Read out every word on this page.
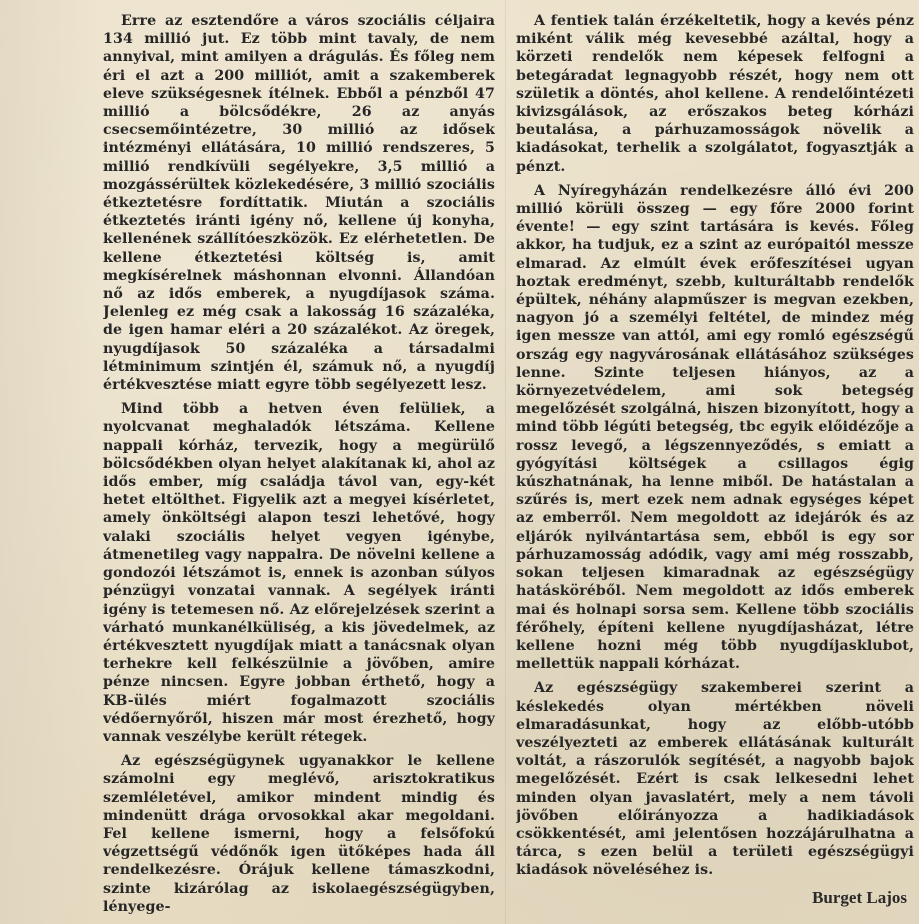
Erre az esztendőre a város szociális céljaira 134 millió jut. Ez több mint tavaly, de nem annyival, mint amilyen a drágulás. És főleg nem éri el azt a 200 milliót, amit a szakemberek eleve szükségesnek ítélnek. Ebből a pénzből 47 millió a bölcsődékre, 26 az anyás csecsemőintézetre, 30 millió az idősek intézményi ellátására, 10 millió rendszeres, 5 millió rendkívüli segélyekre, 3,5 millió a mozgássérültek közlekedésére, 3 millió szociális étkeztetésre fordíttatik. Miután a szociális étkeztetés iránti igény nő, kellene új konyha, kellenének szállítóeszközök. Ez elérhetetlen. De kellene étkeztetési költség is, amit megkísérelnek máshonnan elvonni. Állandóan nő az idős emberek, a nyugdíjasok száma. Jelenleg ez még csak a lakosság 16 százaléka, de igen hamar eléri a 20 százalékot. Az öregek, nyugdíjasok 50 százaléka a társadalmi létminimum szintjén él, számuk nő, a nyugdíj értékvesztése miatt egyre több segélyezett lesz.

Mind több a hetven éven felüliek, a nyolcvanat meghaladók létszáma. Kellene nappali kórház, tervezik, hogy a megürülő bölcsődékben olyan helyet alakítanak ki, ahol az idős ember, míg családja távol van, egy-két hetet eltölthet. Figyelik azt a megyei kísérletet, amely önköltségi alapon teszi lehetővé, hogy valaki szociális helyet vegyen igénybe, átmenetileg vagy nappalra. De növelni kellene a gondozói létszámot is, ennek is azonban súlyos pénzügyi vonzatai vannak. A segélyek iránti igény is tetemesen nő. Az előrejelzések szerint a várható munkanélküliség, a kis jövedelmek, az értékvesztett nyugdíjak miatt a tanácsnak olyan terhekre kell felkészülnie a jövőben, amire pénze nincsen. Egyre jobban érthető, hogy a KB-ülés miért fogalmazott szociális védőernyőről, hiszen már most érezhető, hogy vannak veszélybe került rétegek.

Az egészségügynek ugyanakkor le kellene számolni egy meglévő, arisztokratikus szemléletével, amikor mindent mindig és mindenütt drága orvosokkal akar megoldani. Fel kellene ismerni, hogy a felsőfokú végzettségű védőnők igen ütőképes hada áll rendelkezésre. Órájuk kellene támaszkodni, szinte kizárólag az iskolaegészségügyben, lényege-

A fentiek talán érzékeltetik, hogy a kevés pénz miként válik még kevesebbé azáltal, hogy a körzeti rendelők nem képesek felfogni a betegáradat legnagyobb részét, hogy nem ott születik a döntés, ahol kellene. A rendelőintézeti kivizsgálások, az erőszakos beteg kórházi beutalása, a párhuzamosságok növelik a kiadásokat, terhelik a szolgálatot, fogyasztják a pénzt.

A Nyíregyházán rendelkezésre álló évi 200 millió körüli összeg — egy főre 2000 forint évente! — egy szint tartására is kevés. Főleg akkor, ha tudjuk, ez a szint az európaitól messze elmarad. Az elmúlt évek erőfeszítései ugyan hoztak eredményt, szebb, kulturáltabb rendelők épültek, néhány alapműszer is megvan ezekben, nagyon jó a személyi feltétel, de mindez még igen messze van attól, ami egy romló egészségű ország egy nagyvárosának ellátásához szükséges lenne. Szinte teljesen hiányos, az a környezetvédelem, ami sok betegség megelőzését szolgálná, hiszen bizonyított, hogy a mind több légúti betegség, tbc egyik előidézője a rossz levegő, a légszennyeződés, s emiatt a gyógyítási költségek a csillagos égig kúszhatnának, ha lenne miből. De hatástalan a szűrés is, mert ezek nem adnak egységes képet az emberről. Nem megoldott az idejárók és az eljárók nyilvántartása sem, ebből is egy sor párhuzamosság adódik, vagy ami még rosszabb, sokan teljesen kimaradnak az egészségügy hatásköréből. Nem megoldott az idős emberek mai és holnapi sorsa sem. Kellene több szociális férőhely, építeni kellene nyugdíjasházat, létre kellene hozni még több nyugdíjasklubot, mellettük nappali kórházat.

Az egészségügy szakemberei szerint a késlekedés olyan mértékben növeli elmaradásunkat, hogy az előbb-utóbb veszélyezteti az emberek ellátásának kulturált voltát, a rászorulók segítését, a nagyobb bajok megelőzését. Ezért is csak lelkesedni lehet minden olyan javaslatért, mely a nem távoli jövőben előirányozza a hadikiadások csökkentését, ami jelentősen hozzájárulhatna a tárca, s ezen belül a területi egészségügyi kiadások növeléséhez is.

Burget Lajos
